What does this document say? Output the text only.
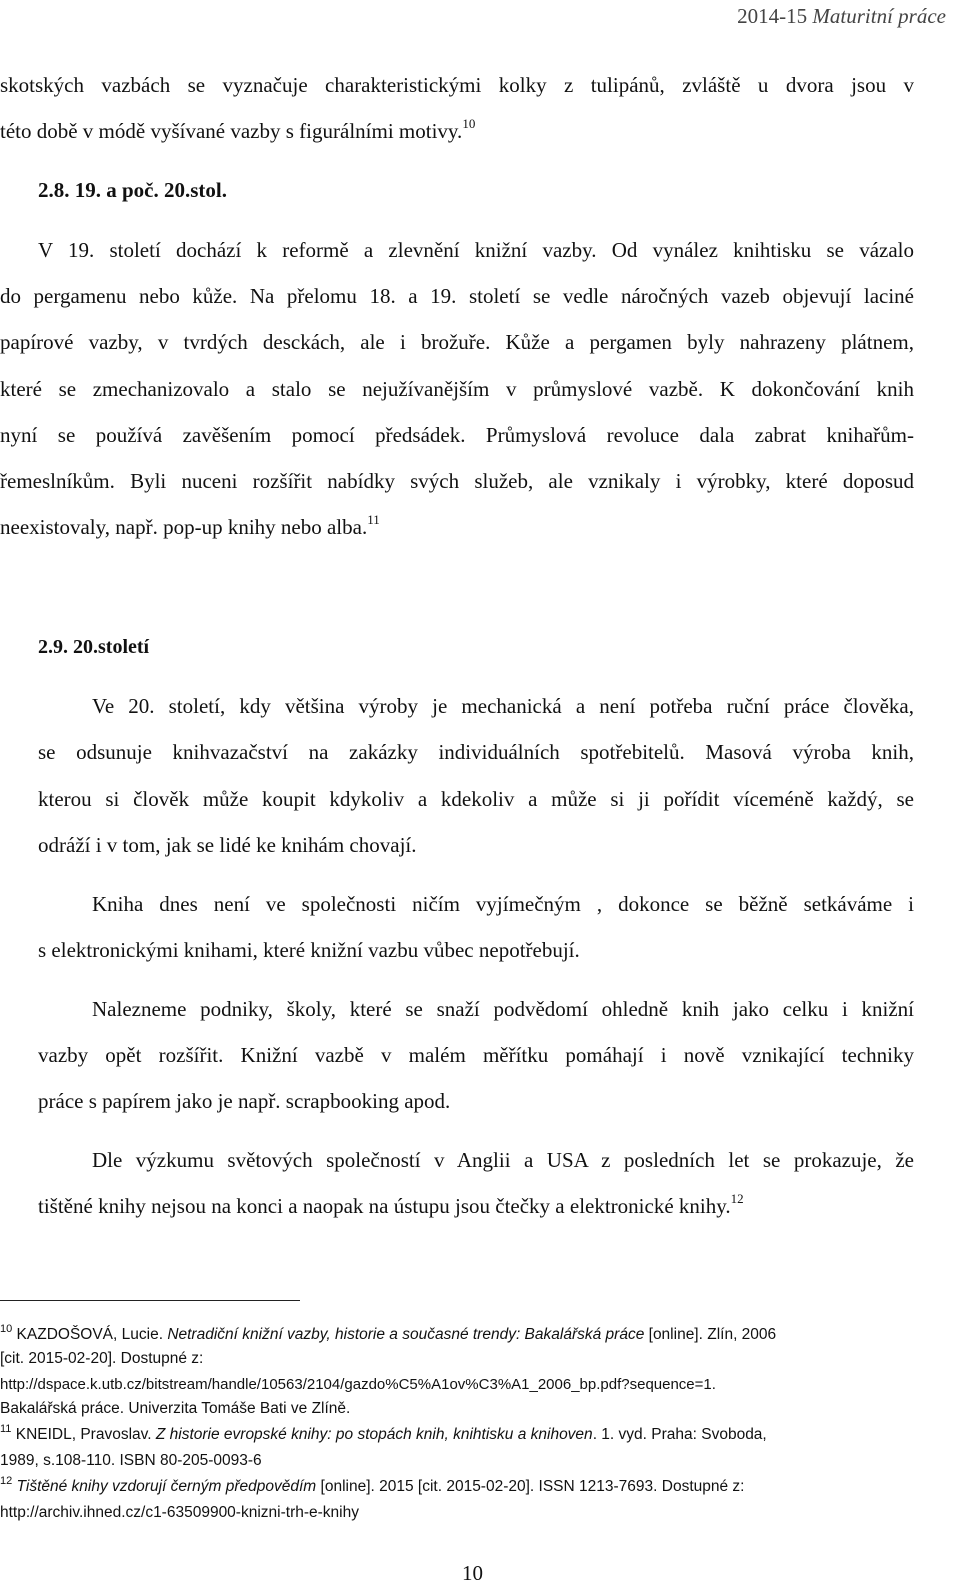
2014-15 Maturitní práce
skotských vazbách se vyznačuje charakteristickými kolky z tulipánů, zvláště u dvora jsou v
této době v módě vyšívané vazby s figurálními motivy.$^{10}$
2.8. 19. a poč. 20.stol.
V 19. století dochází k reformě a zlevnění knižní vazby. Od vynález knihtisku se vázalo
do pergamenu nebo kůže. Na přelomu 18. a 19. století se vedle náročných vazeb objevují laciné
papírové vazby, v tvrdých desckách, ale i brožuře. Kůže a pergamen byly nahrazeny plátnem,
které se zmechanizovalo a stalo se nejužívanějším v průmyslové vazbě. K dokončování knih
nyní se používá zavěšením pomocí předsádek. Průmyslová revoluce dala zabrat knihařům-
řemeslníkům. Byli nuceni rozšířit nabídky svých služeb, ale vznikaly i výrobky, které doposud
neexistovaly, např. pop-up knihy nebo alba.$^{11}$
2.9. 20.století
Ve 20. století, kdy většina výroby je mechanická a není potřeba ruční práce člověka,
se odsunuje knihvazačství na zakázky individuálních spotřebitelů. Masová výroba knih,
kterou si člověk může koupit kdykoliv a kdekoliv a může si ji pořídit víceméně každý, se
odráží i v tom, jak se lidé ke knihám chovají.
Kniha dnes není ve společnosti ničím vyjímečným , dokonce se běžně setkáváme i
s elektronickými knihami, které knižní vazbu vůbec nepotřebují.
Nalezneme podniky, školy, které se snaží podvědomí ohledně knih jako celku i knižní
vazby opět rozšířit. Knižní vazbě v malém měřítku pomáhají i nově vznikající techniky
práce s papírem jako je např. scrapbooking apod.
Dle výzkumu světových společností v Anglii a USA z posledních let se prokazuje, že
tištěné knihy nejsou na konci a naopak na ústupu jsou čtečky a elektronické knihy.$^{12}$
$^{10}$ KAZDOŠOVÁ, Lucie. Netradiční knižní vazby, historie a současné trendy: Bakalářská práce [online]. Zlín, 2006
[cit. 2015-02-20]. Dostupné z:
http://dspace.k.utb.cz/bitstream/handle/10563/2104/gazdo%C5%A1ov%C3%A1_2006_bp.pdf?sequence=1.
Bakalářská práce. Univerzita Tomáše Bati ve Zlíně.
$^{11}$ KNEIDL, Pravoslav. Z historie evropské knihy: po stopách knih, knihtisku a knihoven. 1. vyd. Praha: Svoboda,
1989, s.108-110. ISBN 80-205-0093-6
$^{12}$ Tištěné knihy vzdorují černým předpovědím [online]. 2015 [cit. 2015-02-20]. ISSN 1213-7693. Dostupné z:
http://archiv.ihned.cz/c1-63509900-knizni-trh-e-knihy
10
